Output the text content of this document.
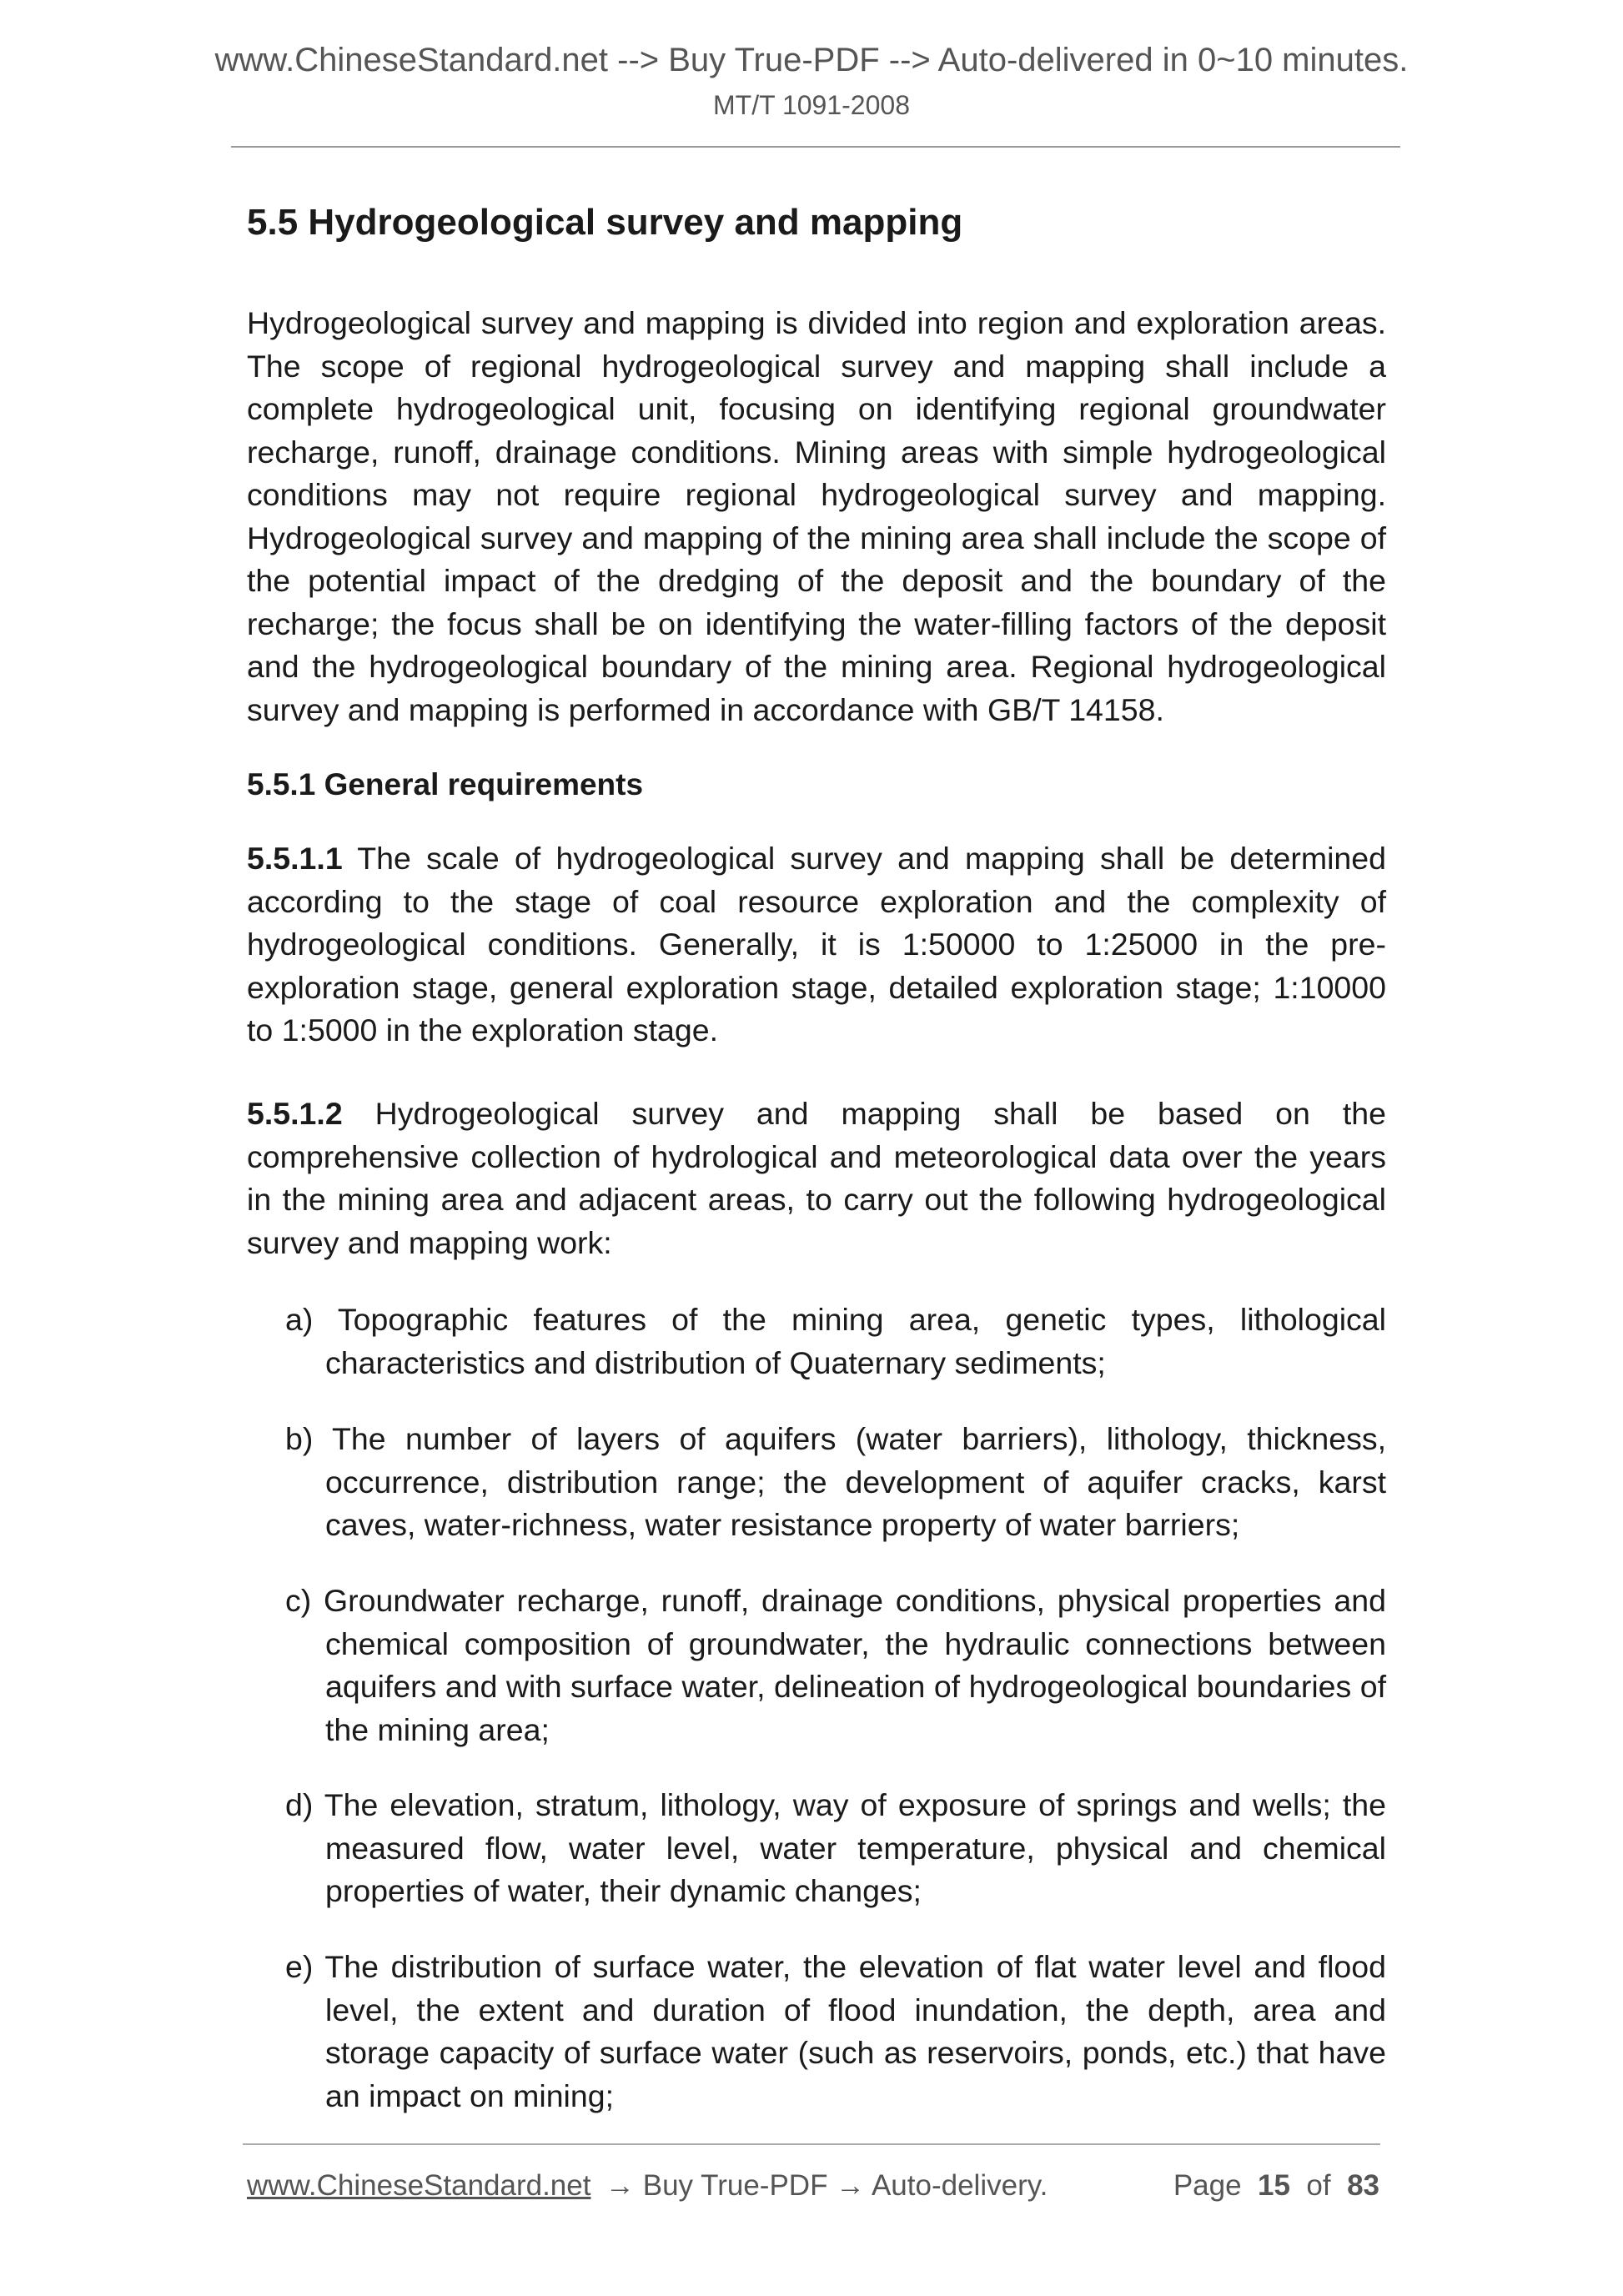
www.ChineseStandard.net --> Buy True-PDF --> Auto-delivered in 0~10 minutes.
MT/T 1091-2008
5.5 Hydrogeological survey and mapping

Hydrogeological survey and mapping is divided into region and exploration areas. The scope of regional hydrogeological survey and mapping shall include a complete hydrogeological unit, focusing on identifying regional groundwater recharge, runoff, drainage conditions. Mining areas with simple hydrogeological conditions may not require regional hydrogeological survey and mapping. Hydrogeological survey and mapping of the mining area shall include the scope of the potential impact of the dredging of the deposit and the boundary of the recharge; the focus shall be on identifying the water-filling factors of the deposit and the hydrogeological boundary of the mining area. Regional hydrogeological survey and mapping is performed in accordance with GB/T 14158.

5.5.1 General requirements

5.5.1.1 The scale of hydrogeological survey and mapping shall be determined according to the stage of coal resource exploration and the complexity of hydrogeological conditions. Generally, it is 1:50000 to 1:25000 in the pre-exploration stage, general exploration stage, detailed exploration stage; 1:10000 to 1:5000 in the exploration stage.

5.5.1.2 Hydrogeological survey and mapping shall be based on the comprehensive collection of hydrological and meteorological data over the years in the mining area and adjacent areas, to carry out the following hydrogeological survey and mapping work:

a) Topographic features of the mining area, genetic types, lithological characteristics and distribution of Quaternary sediments;

b) The number of layers of aquifers (water barriers), lithology, thickness, occurrence, distribution range; the development of aquifer cracks, karst caves, water-richness, water resistance property of water barriers;

c) Groundwater recharge, runoff, drainage conditions, physical properties and chemical composition of groundwater, the hydraulic connections between aquifers and with surface water, delineation of hydrogeological boundaries of the mining area;

d) The elevation, stratum, lithology, way of exposure of springs and wells; the measured flow, water level, water temperature, physical and chemical properties of water, their dynamic changes;

e) The distribution of surface water, the elevation of flat water level and flood level, the extent and duration of flood inundation, the depth, area and storage capacity of surface water (such as reservoirs, ponds, etc.) that have an impact on mining;

www.ChineseStandard.net → Buy True-PDF → Auto-delivery.	Page 15 of 83
